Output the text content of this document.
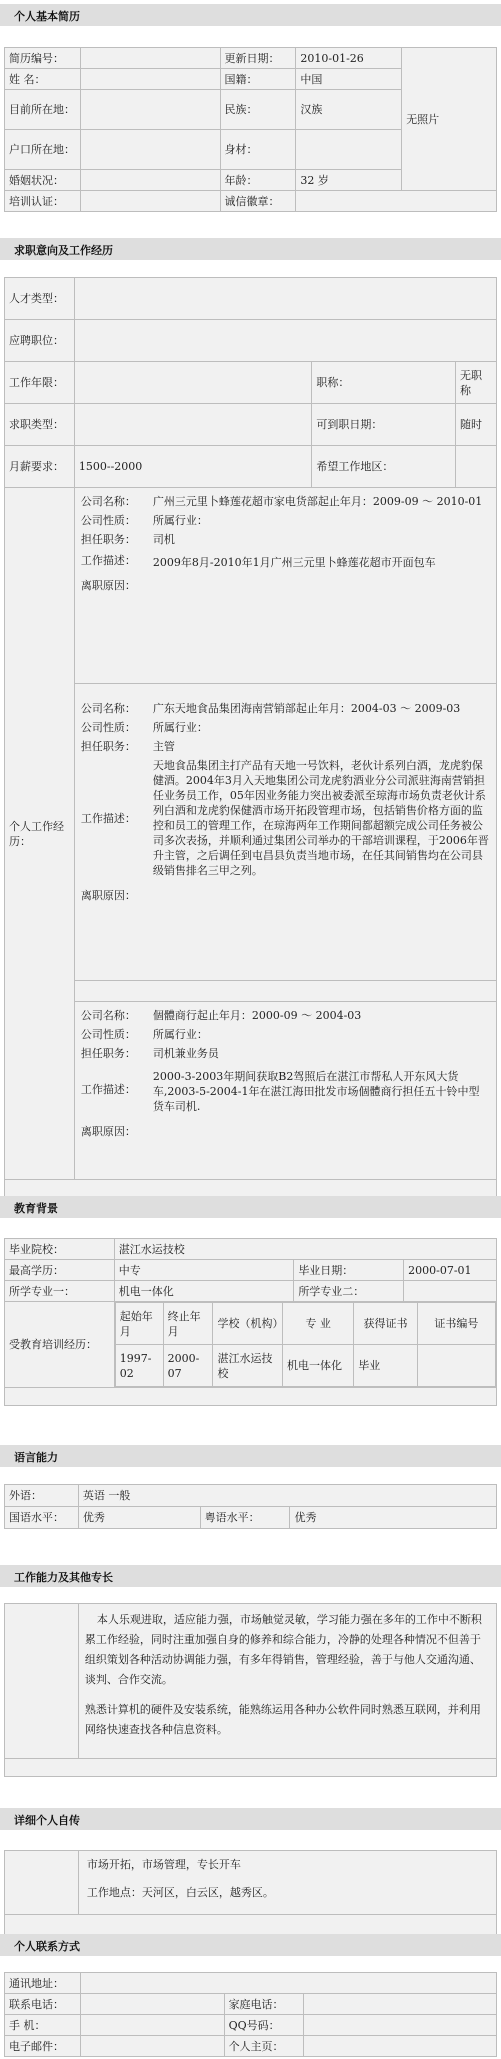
个人基本简历
简历编号：		更新日期：	2010-01-26	无照片
姓 名：		国籍：	中国	
目前所在地：		民族：	汉族	
户口所在地：		身材：		
婚姻状况：		年龄：	32 岁	
培训认证：		诚信徽章：		
求职意向及工作经历
人才类型：	
应聘职位：	
工作年限：		职称：	无职称
求职类型：		可到职日期：	随时
月薪要求：	1500--2000	希望工作地区：	
个人工作经历：	
公司名称：	广州三元里卜蜂莲花超市家电货部起止年月：2009-09 ～ 2010-01
公司性质：	所属行业：
担任职务：	司机
工作描述：	2009年8月-2010年1月广州三元里卜蜂莲花超市开面包车
离职原因：	
公司名称：	广东天地食品集团海南营销部起止年月：2004-03 ～ 2009-03
公司性质：	所属行业：
担任职务：	主管
工作描述：	天地食品集团主打产品有天地一号饮料，老伙计系列白酒，龙虎豹保健酒。2004年3月入天地集团公司龙虎豹酒业分公司派驻海南营销担任业务员工作，05年因业务能力突出被委派至琼海市场负责老伙计系列白酒和龙虎豹保健酒市场开拓段管理市场，包括销售价格方面的监控和员工的管理工作，在琼海两年工作期间都超额完成公司任务被公司多次表扬，并顺利通过集团公司举办的干部培训课程，于2006年晋升主管，之后调任到屯昌县负责当地市场，在任其间销售均在公司县级销售排名三甲之列。
离职原因：	
公司名称：	個體商行起止年月：2000-09 ～ 2004-03
公司性质：	所属行业：
担任职务：	司机兼业务员
工作描述：	2000-3-2003年期间获取B2驾照后在湛江市帮私人开东风大货车,2003-5-2004-1年在湛江海田批发市场個體商行担任五十铃中型货车司机.
离职原因：	

教育背景
毕业院校：	湛江水运技校
最高学历：	中专	毕业日期：	2000-07-01
所学专业一：	机电一体化	所学专业二：	
受教育培训经历：	
起始年月	终止年月	学校（机构）	专 业	获得证书	证书编号
1997-02	2000-07	湛江水运技校	机电一体化	毕业	

语言能力
外语：	英语 一般		
国语水平：	优秀	粤语水平：	优秀
工作能力及其他专长

本人乐观进取，适应能力强，市场触觉灵敏，学习能力强在多年的工作中不断积累工作经验，同时注重加强自身的修养和综合能力，冷静的处理各种情况不但善于组织策划各种活动协调能力强，有多年得销售，管理经验，善于与他人交通沟通、谈判、合作交流。
熟悉计算机的硬件及安装系统，能熟练运用各种办公软件同时熟悉互联网，并利用网络快速查找各种信息资料。

详细个人自传

市场开拓，市场管理，专长开车
工作地点：天河区，白云区，越秀区。

个人联系方式
通讯地址：			
联系电话：		家庭电话：	
手 机：		QQ号码：	
电子邮件：		个人主页：	
